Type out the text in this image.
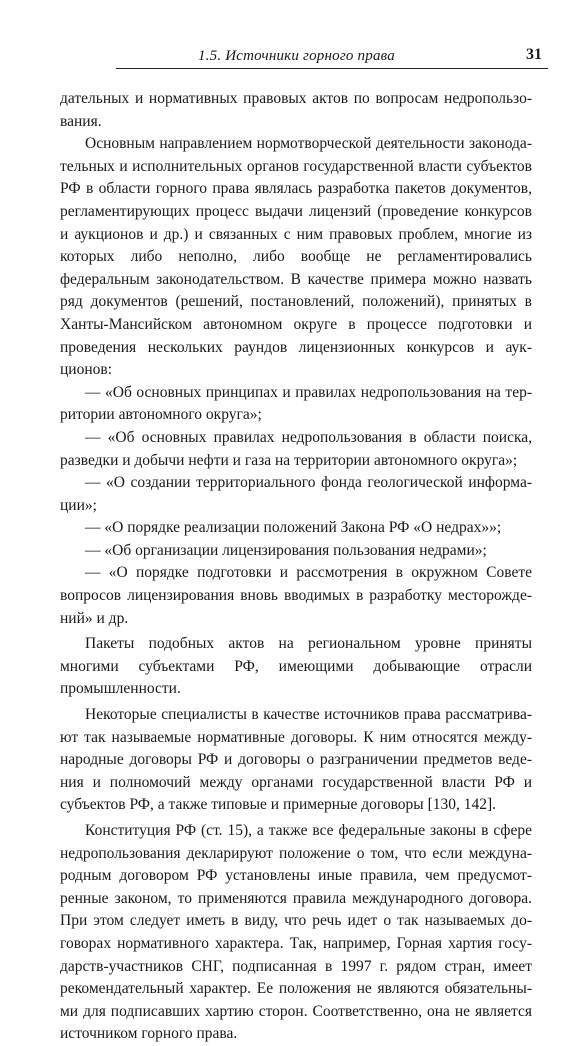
1.5. Источники горного права	31

дательных и нормативных правовых актов по вопросам недропользования.

Основным направлением нормотворческой деятельности законодательных и исполнительных органов государственной власти субъектов РФ в области горного права являлась разработка пакетов документов, регламентирующих процесс выдачи лицензий (проведение конкурсов и аукционов и др.) и связанных с ним правовых проблем, многие из которых либо неполно, либо вообще не регламентировались федеральным законодательством. В качестве примера можно назвать ряд документов (решений, постановлений, положений), принятых в Ханты-Мансийском автономном округе в процессе подготовки и проведения нескольких раундов лицензионных конкурсов и аукционов:

— «Об основных принципах и правилах недропользования на территории автономного округа»;

— «Об основных правилах недропользования в области поиска, разведки и добычи нефти и газа на территории автономного округа»;

— «О создании территориального фонда геологической информации»;

— «О порядке реализации положений Закона РФ «О недрах»»;

— «Об организации лицензирования пользования недрами»;

— «О порядке подготовки и рассмотрения в окружном Совете вопросов лицензирования вновь вводимых в разработку месторождений» и др.

Пакеты подобных актов на региональном уровне приняты многими субъектами РФ, имеющими добывающие отрасли промышленности.

Некоторые специалисты в качестве источников права рассматривают так называемые нормативные договоры. К ним относятся международные договоры РФ и договоры о разграничении предметов ведения и полномочий между органами государственной власти РФ и субъектов РФ, а также типовые и примерные договоры [130, 142].

Конституция РФ (ст. 15), а также все федеральные законы в сфере недропользования декларируют положение о том, что если международным договором РФ установлены иные правила, чем предусмотренные законом, то применяются правила международного договора. При этом следует иметь в виду, что речь идет о так называемых договорах нормативного характера. Так, например, Горная хартия государств-участников СНГ, подписанная в 1997 г. рядом стран, имеет рекомендательный характер. Ее положения не являются обязательными для подписавших хартию сторон. Соответственно, она не является источником горного права.
